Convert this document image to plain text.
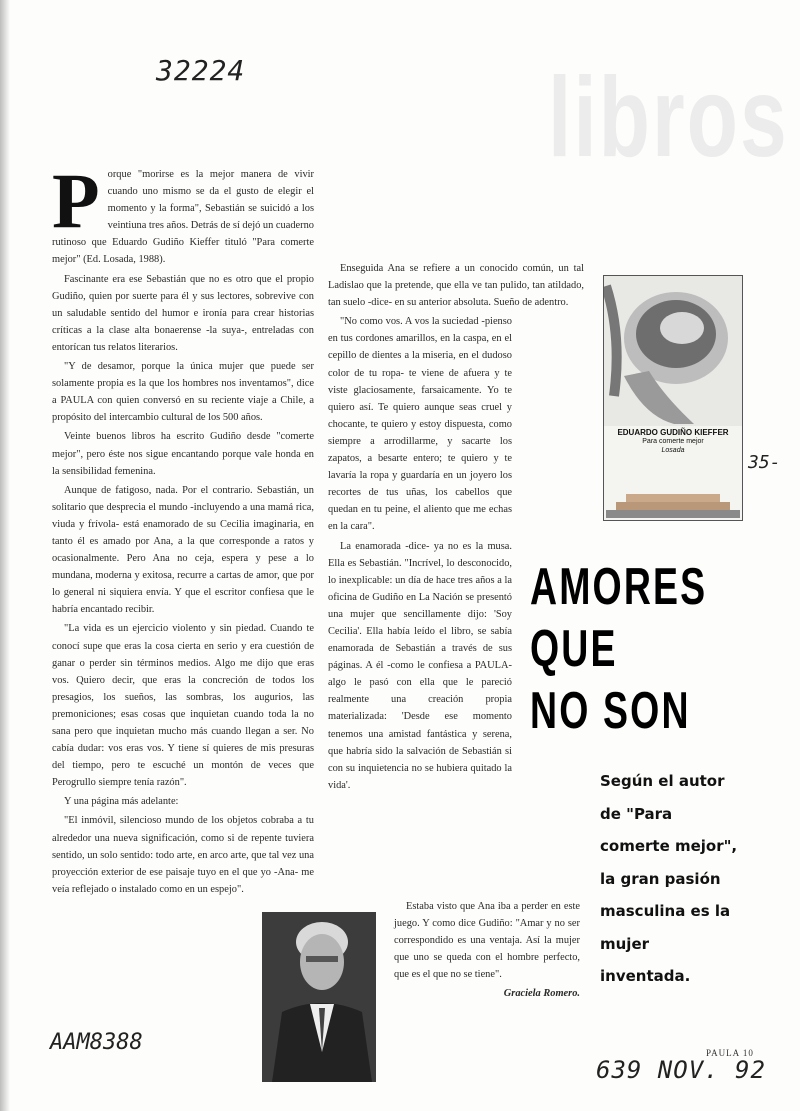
32224	libros
P orque "morirse es la mejor manera de vivir cuando uno mismo se da el gusto de elegir el momento y la forma", Sebastián se suicidó a los veintiuna tres años. Detrás de sí dejó un cuaderno rutinoso que Eduardo Gudiño Kieffer tituló "Para comerte mejor" (Ed. Losada, 1988).

Fascinante era ese Sebastián que no es otro que el propio Gudiño, quien por suerte para él y sus lectores, sobrevive con un saludable sentido del humor e ironía para crear historias críticas a la clase alta bonaerense -la suya-, entreladas con entorícan tus relatos literarios.

"Y de desamor, porque la única mujer que puede ser solamente propia es la que los hombres nos inventamos", dice a PAULA con quien conversó en su reciente viaje a Chile, a propósito del intercambio cultural de los 500 años.

Veinte buenos libros ha escrito Gudiño desde "comerte mejor", pero éste nos sigue encantando porque vale honda en la sensibilidad femenina.

Aunque de fatigoso, nada. Por el contrario. Sebastián, un solitario que desprecia el mundo -incluyendo a una mamá rica, viuda y frívola- está enamorado de su Cecilia imaginaria, en tanto él es amado por Ana, a la que corresponde a ratos y ocasionalmente. Pero Ana no ceja, espera y pese a lo mundana, moderna y exitosa, recurre a cartas de amor, que por lo general ni siquiera envía. Y que el escritor confiesa que le habría encantado recibir.

"La vida es un ejercicio violento y sin piedad. Cuando te conocí supe que eras la cosa cierta en serio y era cuestión de ganar o perder sin términos medios. Algo me dijo que eras vos. Quiero decir, que eras la concreción de todos los presagios, los sueños, las sombras, los augurios, las premoniciones; esas cosas que inquietan cuando toda la no sana pero que inquietan mucho más cuando llegan a ser. No cabía dudar: vos eras vos. Y tiene sí quieres de mis presuras del tiempo, pero te escuché un montón de veces que Perogrullo siempre tenía razón".

Y una página más adelante:

"El inmóvil, silencioso mundo de los objetos cobraba a tu alrededor una nueva significación, como si de repente tuviera sentido, un solo sentido: todo arte, en arco arte, que tal vez una proyección exterior de ese paisaje tuyo en el que yo -Ana- me veía reflejado o instalado como en un espejo".

Enseguida Ana se refiere a un conocido común, un tal Ladislao que la pretende, que ella ve tan pulido, tan atildado, tan suelo -dice- en su anterior absoluta. Sueño de adentro.

"No como vos. A vos la suciedad -pienso en tus cordones amarillos, en la caspa, en el cepillo de dientes a la miseria, en el dudoso color de tu ropa- te viene de afuera y te viste glaciosamente, farsaicamente. Yo te quiero así. Te quiero aunque seas cruel y chocante, te quiero y estoy dispuesta, como siempre a arrodillarme, y sacarte los zapatos, a besarte entero; te quiero y te lavaría la ropa y guardaría en un joyero los recortes de tus uñas, los cabellos que quedan en tu peine, el aliento que me echas en la cara".

La enamorada -dice- ya no es la musa. Ella es Sebastián. "Incrível, lo desconocido, lo inexplicable: un día de hace tres años a la oficina de Gudiño en La Nación se presentó una mujer que sencillamente dijo: 'Soy Cecilia'. Ella había leído el libro, se sabía enamorada de Sebastián a través de sus páginas. A él -como le confiesa a PAULA- algo le pasó con ella que le pareció realmente una creación propia materializada: 'Desde ese momento tenemos una amistad fantástica y serena, que habría sido la salvación de Sebastián si con su inquietencia no se hubiera quitado la vida'.

Estaba visto que Ana iba a perder en este juego. Y como dice Gudiño: "Amar y no ser correspondido es una ventaja. Así la mujer que uno se queda con el hombre perfecto, que es el que no se tiene".

Graciela Romero.

EDUARDO GUDIÑO KIEFFER
Para comerte mejor
Losada
35-
AMORES
QUE
NO SON
Según el autor de "Para comerte mejor", la gran pasión masculina es la mujer inventada.
AAM8388
639 NOV. 92
PAULA 10
